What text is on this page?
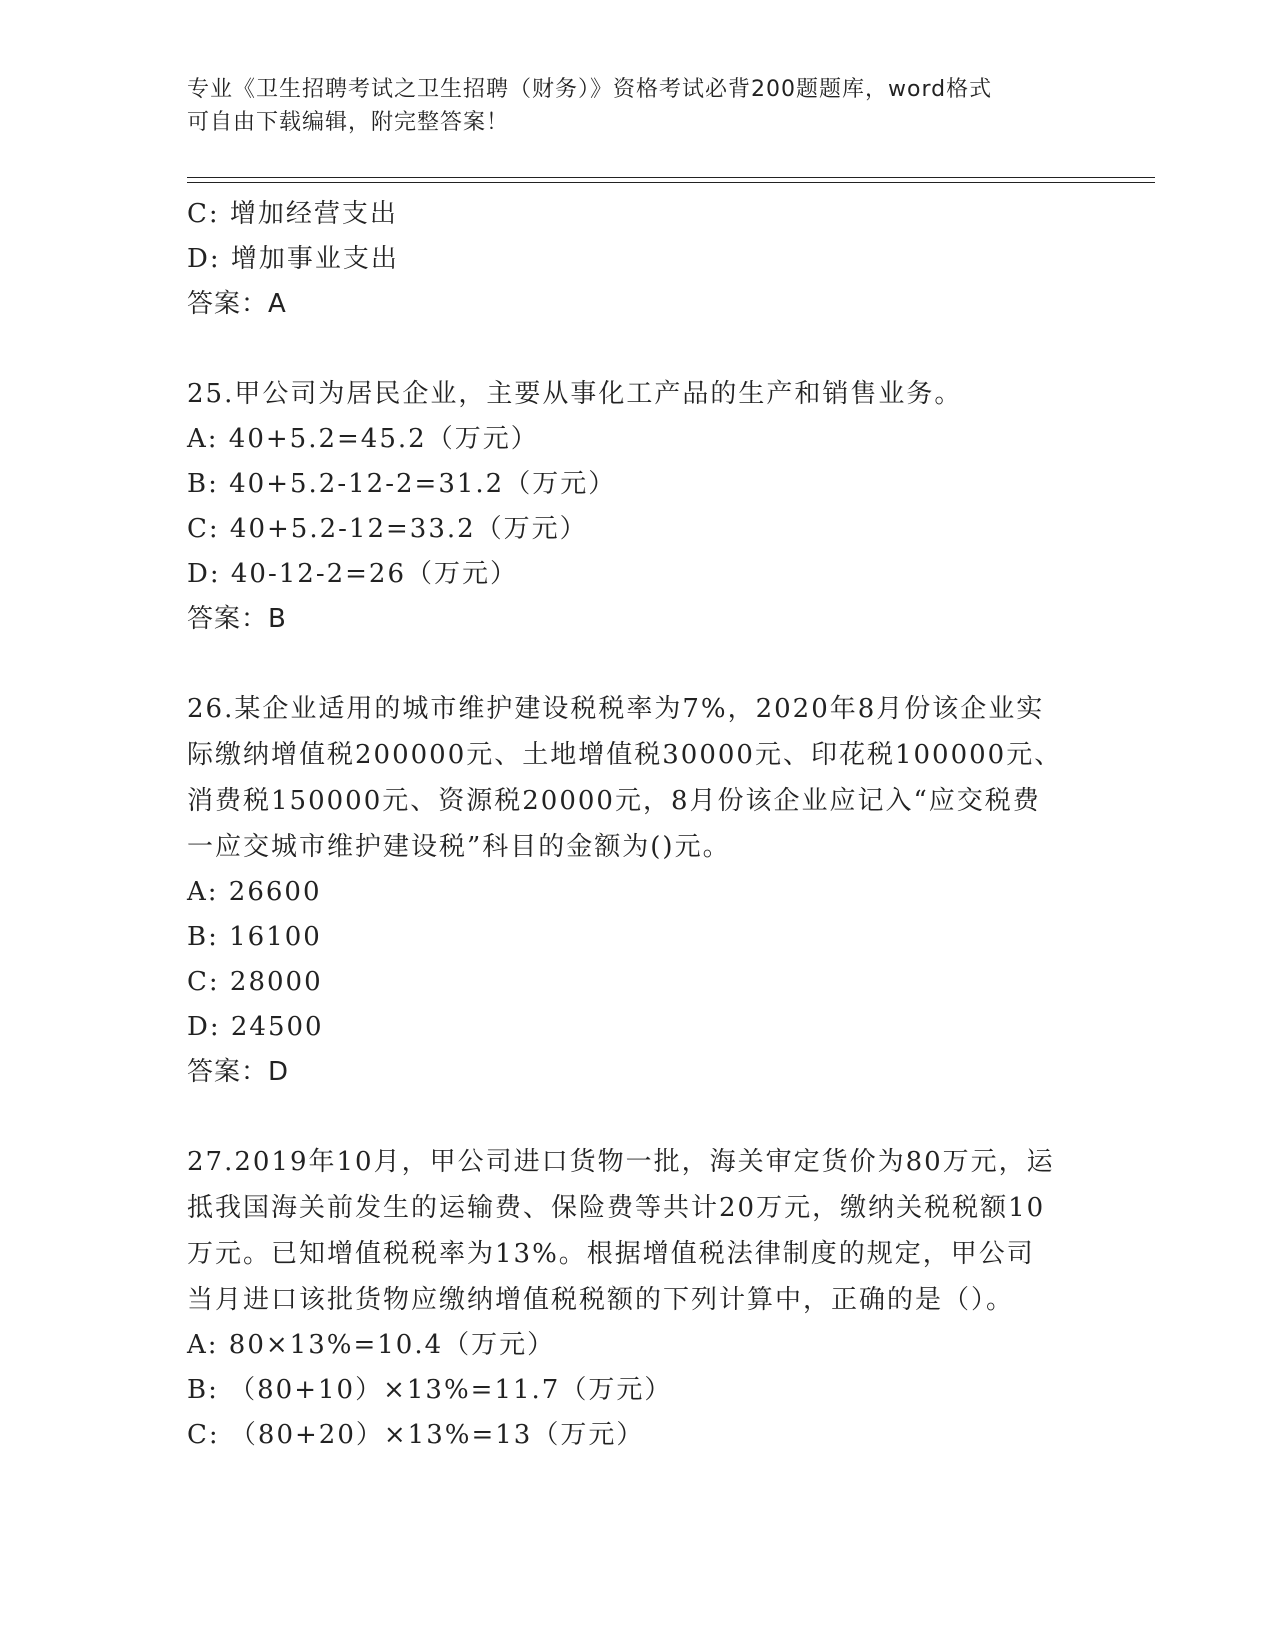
专业《卫生招聘考试之卫生招聘（财务）》资格考试必背200题题库，word格式
可自由下载编辑，附完整答案！
C: 增加经营支出
D: 增加事业支出
答案：A
25.甲公司为居民企业，主要从事化工产品的生产和销售业务。
A: 40+5.2=45.2（万元）
B: 40+5.2-12-2=31.2（万元）
C: 40+5.2-12=33.2（万元）
D: 40-12-2=26（万元）
答案：B
26.某企业适用的城市维护建设税税率为7%，2020年8月份该企业实
际缴纳增值税200000元、土地增值税30000元、印花税100000元、
消费税150000元、资源税20000元，8月份该企业应记入“应交税费
一应交城市维护建设税”科目的金额为()元。
A: 26600
B: 16100
C: 28000
D: 24500
答案：D
27.2019年10月，甲公司进口货物一批，海关审定货价为80万元，运
抵我国海关前发生的运输费、保险费等共计20万元，缴纳关税税额10
万元。已知增值税税率为13%。根据增值税法律制度的规定，甲公司
当月进口该批货物应缴纳增值税税额的下列计算中，正确的是（）。
A: 80×13%=10.4（万元）
B: （80+10）×13%=11.7（万元）
C: （80+20）×13%=13（万元）
